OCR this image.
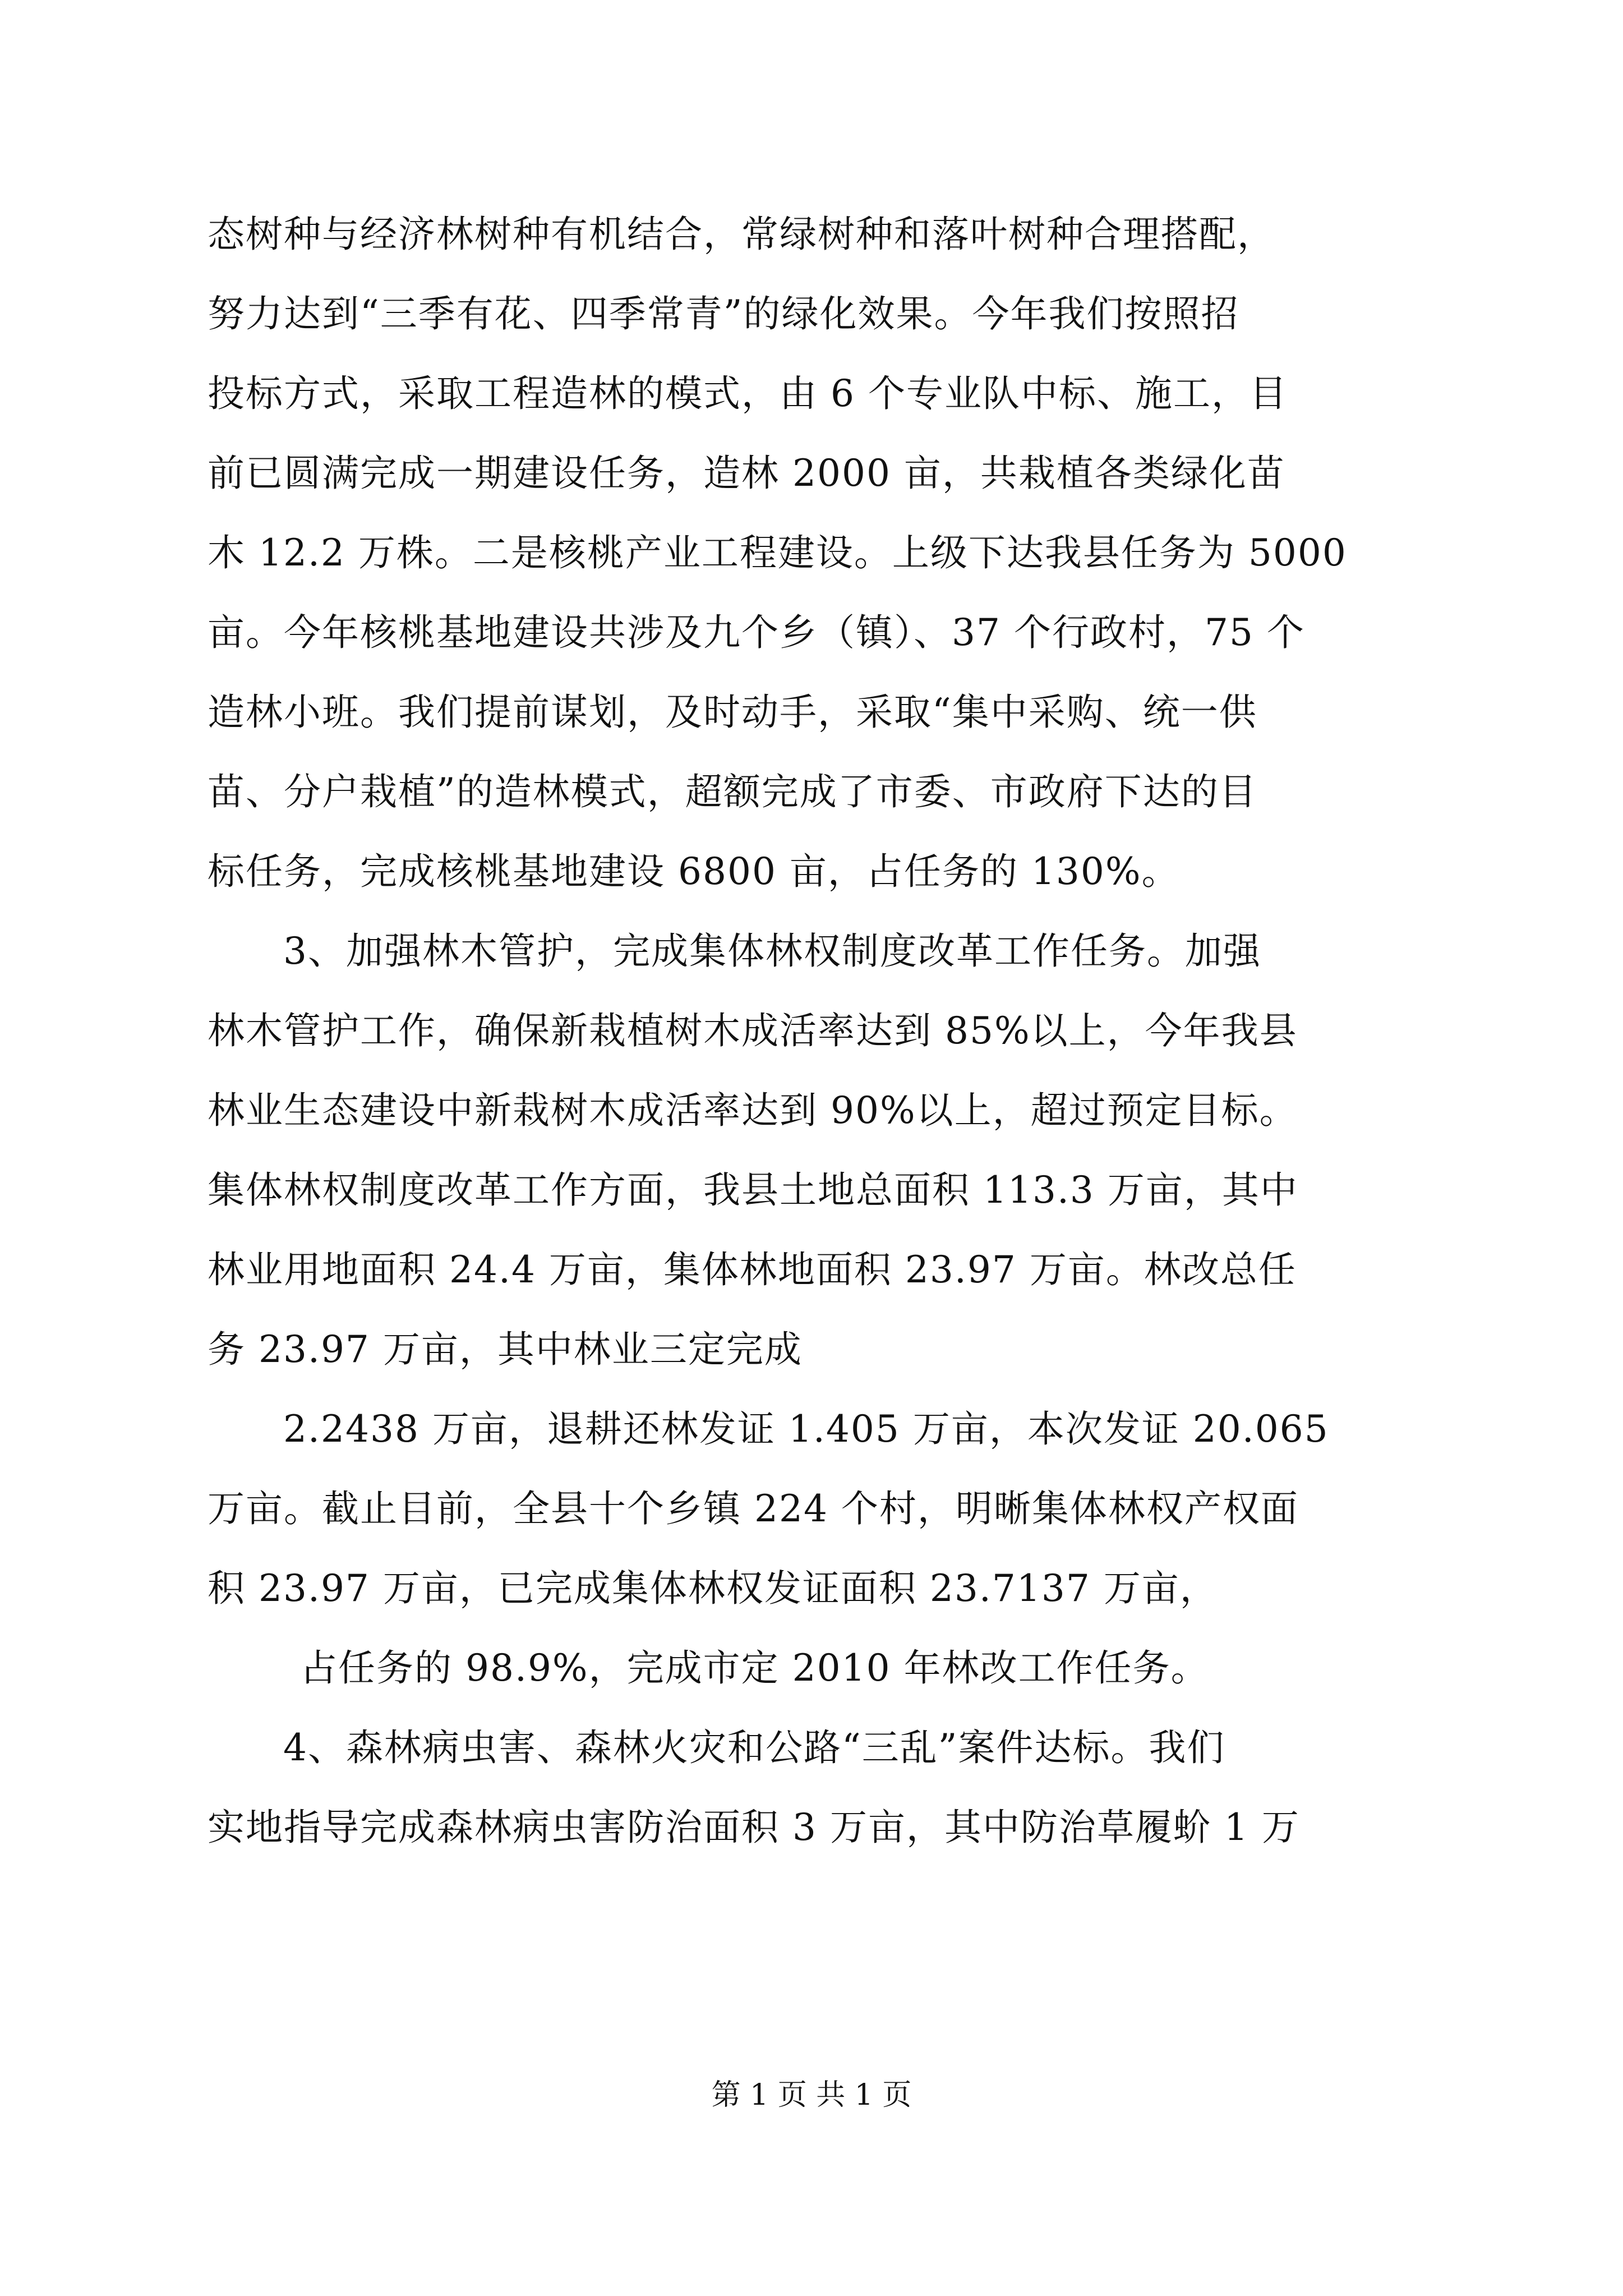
态树种与经济林树种有机结合，常绿树种和落叶树种合理搭配，
努力达到“三季有花、四季常青”的绿化效果。今年我们按照招
投标方式，采取工程造林的模式，由 6 个专业队中标、施工，目
前已圆满完成一期建设任务，造林 2000 亩，共栽植各类绿化苗
木 12.2 万株。二是核桃产业工程建设。上级下达我县任务为 5000
亩。今年核桃基地建设共涉及九个乡（镇）、37 个行政村，75 个
造林小班。我们提前谋划，及时动手，采取“集中采购、统一供
苗、分户栽植”的造林模式，超额完成了市委、市政府下达的目
标任务，完成核桃基地建设 6800 亩，占任务的 130%。
3、加强林木管护，完成集体林权制度改革工作任务。加强
林木管护工作，确保新栽植树木成活率达到 85%以上，今年我县
林业生态建设中新栽树木成活率达到 90%以上，超过预定目标。
集体林权制度改革工作方面，我县土地总面积 113.3 万亩，其中
林业用地面积 24.4 万亩，集体林地面积 23.97 万亩。林改总任
务 23.97 万亩，其中林业三定完成
2.2438 万亩，退耕还林发证 1.405 万亩，本次发证 20.065
万亩。截止目前，全县十个乡镇 224 个村，明晰集体林权产权面
积 23.97 万亩，已完成集体林权发证面积 23.7137 万亩，
占任务的 98.9%，完成市定 2010 年林改工作任务。
4、森林病虫害、森林火灾和公路“三乱”案件达标。我们
实地指导完成森林病虫害防治面积 3 万亩，其中防治草履蚧 1 万
第 1 页 共 1 页
